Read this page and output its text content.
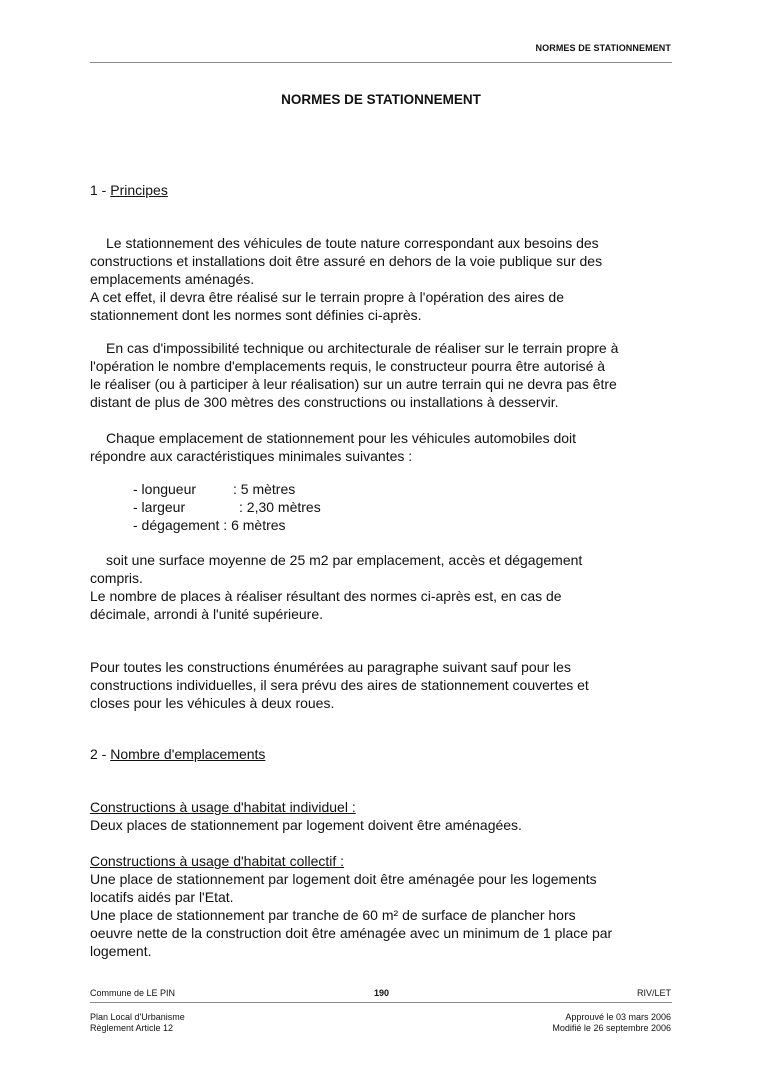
NORMES DE STATIONNEMENT
NORMES DE STATIONNEMENT
1 - Principes
Le stationnement des véhicules de toute nature correspondant aux besoins des
constructions et installations doit être assuré en dehors de la voie publique sur des
emplacements aménagés.
A cet effet, il devra être réalisé sur le terrain propre à l'opération des aires de
stationnement dont les normes sont définies ci-après.
En cas d'impossibilité technique ou architecturale de réaliser sur le terrain propre à
l'opération le nombre d'emplacements requis, le constructeur pourra être autorisé à
le réaliser (ou à participer à leur réalisation) sur un autre terrain qui ne devra pas être
distant de plus de 300 mètres des constructions ou installations à desservir.
Chaque emplacement de stationnement pour les véhicules automobiles doit
répondre aux caractéristiques minimales suivantes :
- longueur	: 5 mètres
- largeur	: 2,30 mètres
- dégagement : 6 mètres
soit une surface moyenne de 25 m2 par emplacement, accès et dégagement
compris.
Le nombre de places à réaliser résultant des normes ci-après est, en cas de
décimale, arrondi à l'unité supérieure.
Pour toutes les constructions énumérées au paragraphe suivant sauf pour les
constructions individuelles, il sera prévu des aires de stationnement couvertes et
closes pour les véhicules à deux roues.
2 - Nombre d'emplacements
Constructions à usage d'habitat individuel :
Deux places de stationnement par logement doivent être aménagées.
Constructions à usage d'habitat collectif :
Une place de stationnement par logement doit être aménagée pour les logements
locatifs aidés par l'Etat.
Une place de stationnement par tranche de 60 m² de surface de plancher hors
oeuvre nette de la construction doit être aménagée avec un minimum de 1 place par
logement.
Commune de LE PIN	190	RIV/LET
Plan Local d'Urbanisme
Règlement Article 12
Approuvé le 03 mars 2006
Modifié le 26 septembre 2006
